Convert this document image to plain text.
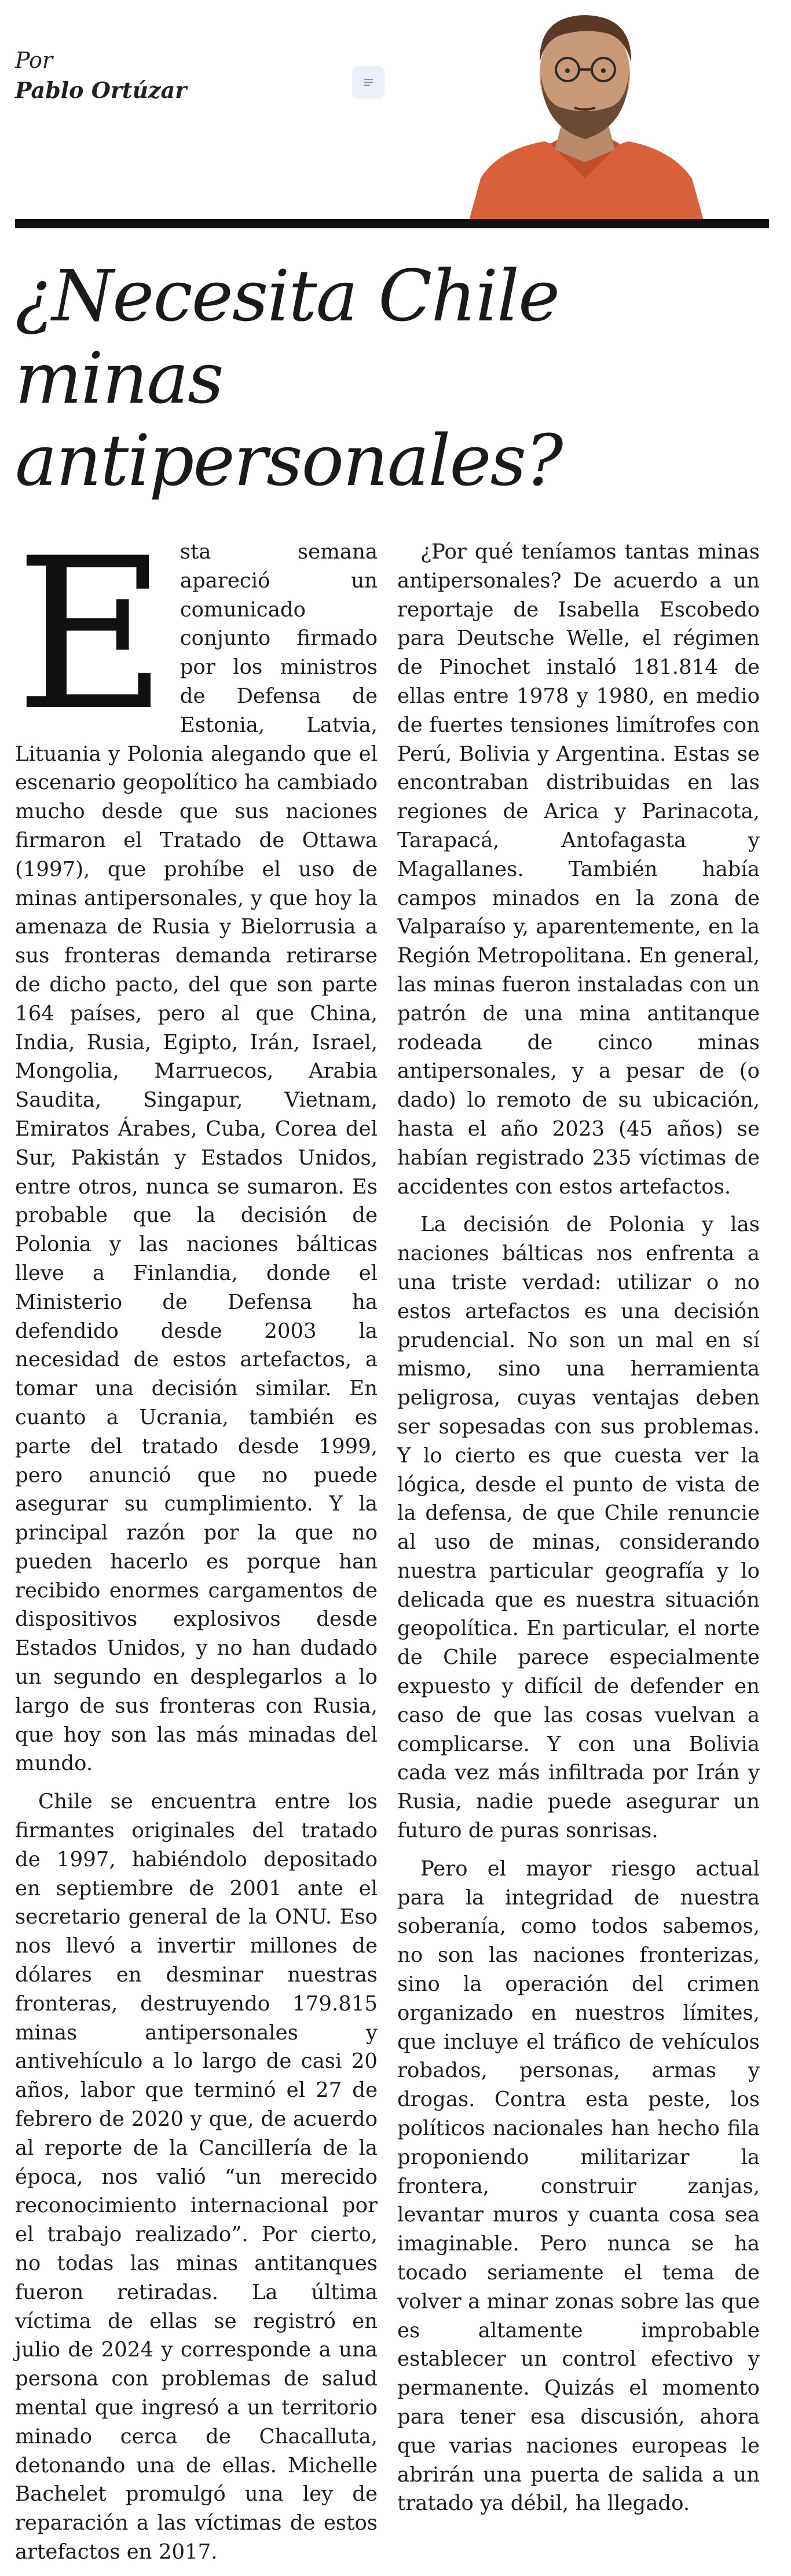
Por
Pablo Ortúzar
¿Necesita Chile minas antipersonales?

Esta semana apareció un comunicado conjunto firmado por los ministros de Defensa de Estonia, Latvia, Lituania y Polonia alegando que el escenario geopolítico ha cambiado mucho desde que sus naciones firmaron el Tratado de Ottawa (1997), que prohíbe el uso de minas antipersonales, y que hoy la amenaza de Rusia y Bielorrusia a sus fronteras demanda retirarse de dicho pacto, del que son parte 164 países, pero al que China, India, Rusia, Egipto, Irán, Israel, Mongolia, Marruecos, Arabia Saudita, Singapur, Vietnam, Emiratos Árabes, Cuba, Corea del Sur, Pakistán y Estados Unidos, entre otros, nunca se sumaron. Es probable que la decisión de Polonia y las naciones bálticas lleve a Finlandia, donde el Ministerio de Defensa ha defendido desde 2003 la necesidad de estos artefactos, a tomar una decisión similar. En cuanto a Ucrania, también es parte del tratado desde 1999, pero anunció que no puede asegurar su cumplimiento. Y la principal razón por la que no pueden hacerlo es porque han recibido enormes cargamentos de dispositivos explosivos desde Estados Unidos, y no han dudado un segundo en desplegarlos a lo largo de sus fronteras con Rusia, que hoy son las más minadas del mundo.

Chile se encuentra entre los firmantes originales del tratado de 1997, habiéndolo depositado en septiembre de 2001 ante el secretario general de la ONU. Eso nos llevó a invertir millones de dólares en desminar nuestras fronteras, destruyendo 179.815 minas antipersonales y antivehículo a lo largo de casi 20 años, labor que terminó el 27 de febrero de 2020 y que, de acuerdo al reporte de la Cancillería de la época, nos valió “un merecido reconocimiento internacional por el trabajo realizado”. Por cierto, no todas las minas antitanques fueron retiradas. La última víctima de ellas se registró en julio de 2024 y corresponde a una persona con problemas de salud mental que ingresó a un territorio minado cerca de Chacalluta, detonando una de ellas. Michelle Bachelet promulgó una ley de reparación a las víctimas de estos artefactos en 2017.

¿Por qué teníamos tantas minas antipersonales? De acuerdo a un reportaje de Isabella Escobedo para Deutsche Welle, el régimen de Pinochet instaló 181.814 de ellas entre 1978 y 1980, en medio de fuertes tensiones limítrofes con Perú, Bolivia y Argentina. Estas se encontraban distribuidas en las regiones de Arica y Parinacota, Tarapacá, Antofagasta y Magallanes. También había campos minados en la zona de Valparaíso y, aparentemente, en la Región Metropolitana. En general, las minas fueron instaladas con un patrón de una mina antitanque rodeada de cinco minas antipersonales, y a pesar de (o dado) lo remoto de su ubicación, hasta el año 2023 (45 años) se habían registrado 235 víctimas de accidentes con estos artefactos.

La decisión de Polonia y las naciones bálticas nos enfrenta a una triste verdad: utilizar o no estos artefactos es una decisión prudencial. No son un mal en sí mismo, sino una herramienta peligrosa, cuyas ventajas deben ser sopesadas con sus problemas. Y lo cierto es que cuesta ver la lógica, desde el punto de vista de la defensa, de que Chile renuncie al uso de minas, considerando nuestra particular geografía y lo delicada que es nuestra situación geopolítica. En particular, el norte de Chile parece especialmente expuesto y difícil de defender en caso de que las cosas vuelvan a complicarse. Y con una Bolivia cada vez más infiltrada por Irán y Rusia, nadie puede asegurar un futuro de puras sonrisas.

Pero el mayor riesgo actual para la integridad de nuestra soberanía, como todos sabemos, no son las naciones fronterizas, sino la operación del crimen organizado en nuestros límites, que incluye el tráfico de vehículos robados, personas, armas y drogas. Contra esta peste, los políticos nacionales han hecho fila proponiendo militarizar la frontera, construir zanjas, levantar muros y cuanta cosa sea imaginable. Pero nunca se ha tocado seriamente el tema de volver a minar zonas sobre las que es altamente improbable establecer un control efectivo y permanente. Quizás el momento para tener esa discusión, ahora que varias naciones europeas le abrirán una puerta de salida a un tratado ya débil, ha llegado.
